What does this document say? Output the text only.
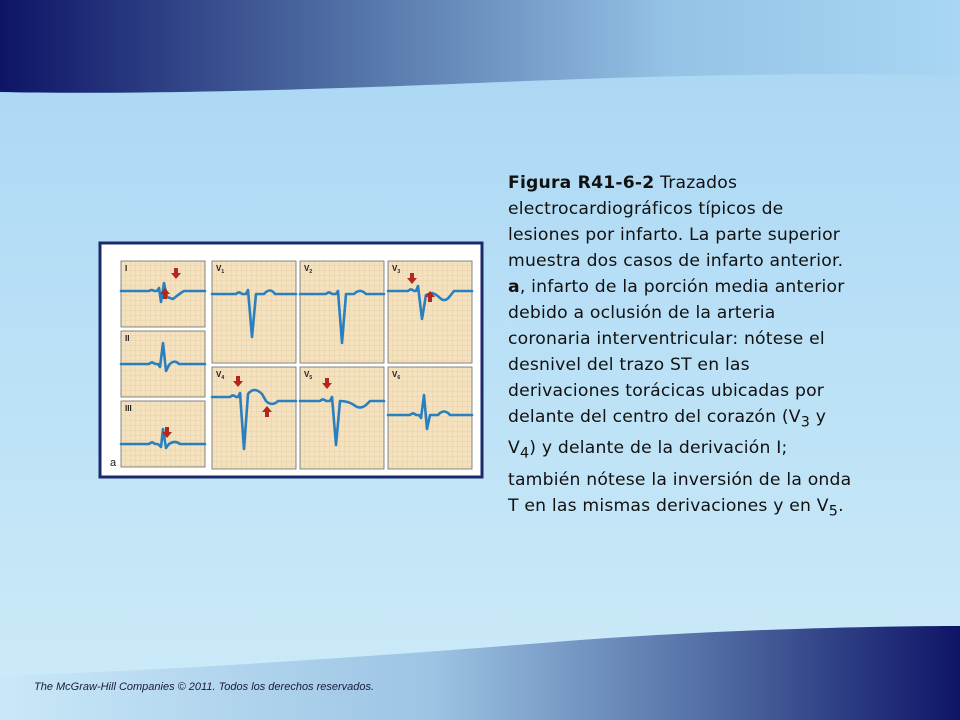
I
II
III
$V_1$	$V_2$	$V_3$
$V_4$	$V_5$	$V_6$
a
Figura R41-6-2 Trazados electrocardiográficos típicos de lesiones por infarto. La parte superior muestra dos casos de infarto anterior. a, infarto de la porción media anterior debido a oclusión de la arteria coronaria interventricular: nótese el desnivel del trazo ST en las derivaciones torácicas ubicadas por delante del centro del corazón ($V_3$ y $V_4$) y delante de la derivación I; también nótese la inversión de la onda T en las mismas derivaciones y en $V_5$.
The McGraw-Hill Companies © 2011. Todos los derechos reservados.
